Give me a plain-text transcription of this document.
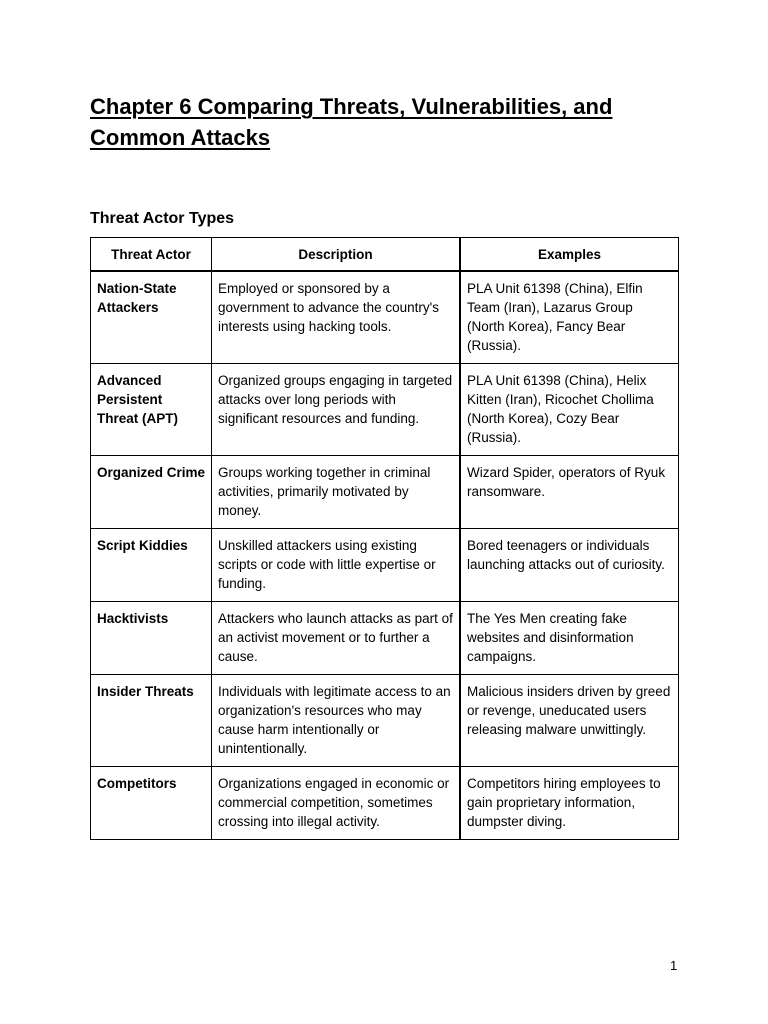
Chapter 6 Comparing Threats, Vulnerabilities, and Common Attacks
Threat Actor Types
Threat Actor	Description	Examples
Nation-State Attackers	Employed or sponsored by a government to advance the country's interests using hacking tools.	PLA Unit 61398 (China), Elfin Team (Iran), Lazarus Group (North Korea), Fancy Bear (Russia).
Advanced Persistent Threat (APT)	Organized groups engaging in targeted attacks over long periods with significant resources and funding.	PLA Unit 61398 (China), Helix Kitten (Iran), Ricochet Chollima (North Korea), Cozy Bear (Russia).
Organized Crime	Groups working together in criminal activities, primarily motivated by money.	Wizard Spider, operators of Ryuk ransomware.
Script Kiddies	Unskilled attackers using existing scripts or code with little expertise or funding.	Bored teenagers or individuals launching attacks out of curiosity.
Hacktivists	Attackers who launch attacks as part of an activist movement or to further a cause.	The Yes Men creating fake websites and disinformation campaigns.
Insider Threats	Individuals with legitimate access to an organization's resources who may cause harm intentionally or unintentionally.	Malicious insiders driven by greed or revenge, uneducated users releasing malware unwittingly.
Competitors	Organizations engaged in economic or commercial competition, sometimes crossing into illegal activity.	Competitors hiring employees to gain proprietary information, dumpster diving.
1
